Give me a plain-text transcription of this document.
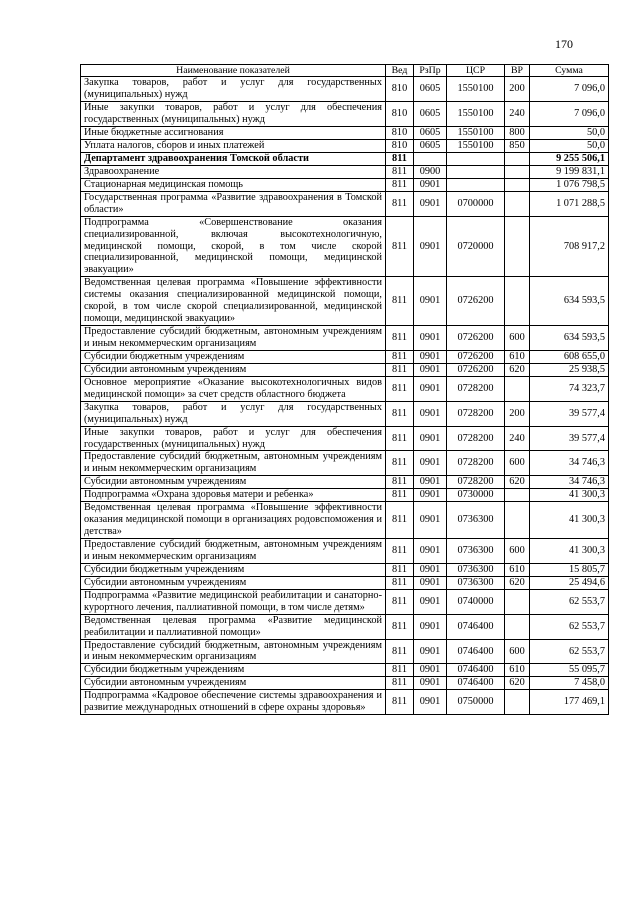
170
Наименование показателей	Вед	РзПр	ЦСР	ВР	Сумма
Закупка товаров, работ и услуг для государственных (муниципальных) нужд	810	0605	1550100	200	7 096,0
Иные закупки товаров, работ и услуг для обеспечения государственных (муниципальных) нужд	810	0605	1550100	240	7 096,0
Иные бюджетные ассигнования	810	0605	1550100	800	50,0
Уплата налогов, сборов и иных платежей	810	0605	1550100	850	50,0
Департамент здравоохранения Томской области	811				9 255 506,1
Здравоохранение	811	0900			9 199 831,1
Стационарная медицинская помощь	811	0901			1 076 798,5
Государственная программа «Развитие здравоохранения в Томской области»	811	0901	0700000		1 071 288,5
Подпрограмма «Совершенствование оказания специализированной, включая высокотехнологичную, медицинской помощи, скорой, в том числе скорой специализированной, медицинской помощи, медицинской эвакуации»	811	0901	0720000		708 917,2
Ведомственная целевая программа «Повышение эффективности системы оказания специализированной медицинской помощи, скорой, в том числе скорой специализированной, медицинской помощи, медицинской эвакуации»	811	0901	0726200		634 593,5
Предоставление субсидий бюджетным, автономным учреждениям и иным некоммерческим организациям	811	0901	0726200	600	634 593,5
Субсидии бюджетным учреждениям	811	0901	0726200	610	608 655,0
Субсидии автономным учреждениям	811	0901	0726200	620	25 938,5
Основное мероприятие «Оказание высокотехнологичных видов медицинской помощи» за счет средств областного бюджета	811	0901	0728200		74 323,7
Закупка товаров, работ и услуг для государственных (муниципальных) нужд	811	0901	0728200	200	39 577,4
Иные закупки товаров, работ и услуг для обеспечения государственных (муниципальных) нужд	811	0901	0728200	240	39 577,4
Предоставление субсидий бюджетным, автономным учреждениям и иным некоммерческим организациям	811	0901	0728200	600	34 746,3
Субсидии автономным учреждениям	811	0901	0728200	620	34 746,3
Подпрограмма «Охрана здоровья матери и ребенка»	811	0901	0730000		41 300,3
Ведомственная целевая программа «Повышение эффективности оказания медицинской помощи в организациях родовспоможения и детства»	811	0901	0736300		41 300,3
Предоставление субсидий бюджетным, автономным учреждениям и иным некоммерческим организациям	811	0901	0736300	600	41 300,3
Субсидии бюджетным учреждениям	811	0901	0736300	610	15 805,7
Субсидии автономным учреждениям	811	0901	0736300	620	25 494,6
Подпрограмма «Развитие медицинской реабилитации и санаторно-курортного лечения, паллиативной помощи, в том числе детям»	811	0901	0740000		62 553,7
Ведомственная целевая программа «Развитие медицинской реабилитации и паллиативной помощи»	811	0901	0746400		62 553,7
Предоставление субсидий бюджетным, автономным учреждениям и иным некоммерческим организациям	811	0901	0746400	600	62 553,7
Субсидии бюджетным учреждениям	811	0901	0746400	610	55 095,7
Субсидии автономным учреждениям	811	0901	0746400	620	7 458,0
Подпрограмма «Кадровое обеспечение системы здравоохранения и развитие международных отношений в сфере охраны здоровья»	811	0901	0750000		177 469,1
